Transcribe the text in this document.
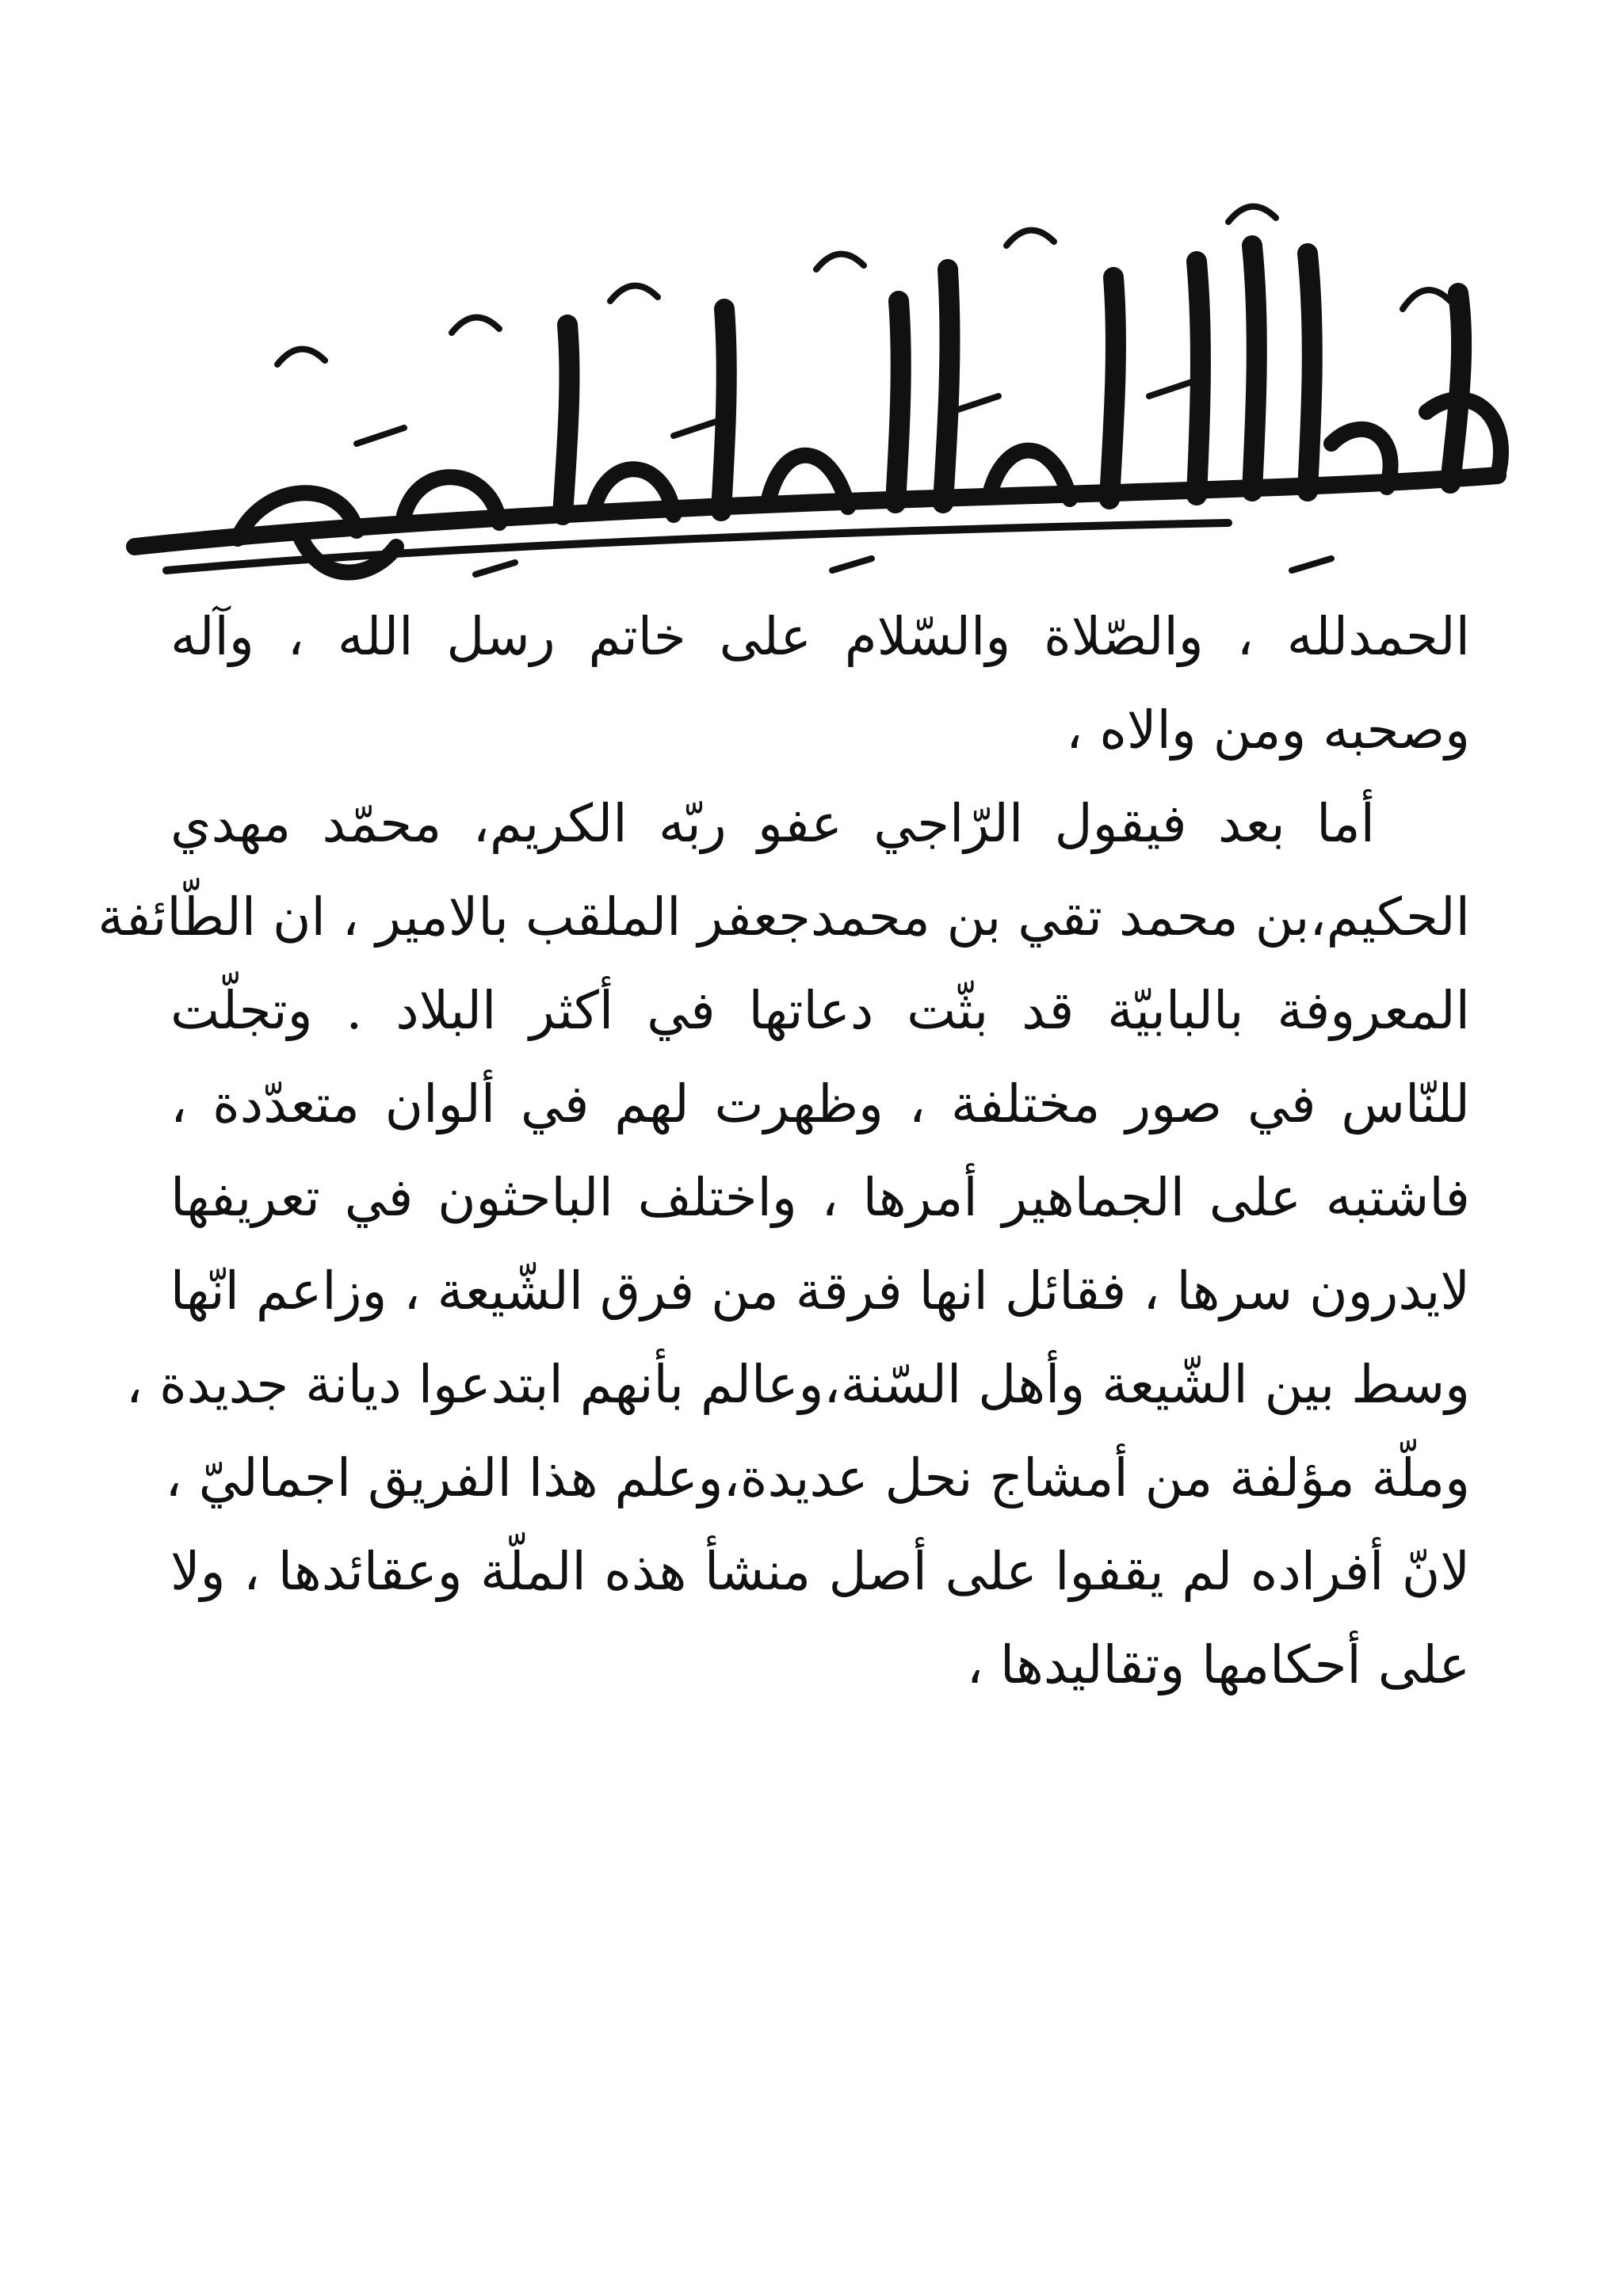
الحمدلله ، والصّلاة والسّلام على خاتم رسل الله ، وآله
وصحبه ومن والاه ،

أما بعد فيقول الرّاجي عفو ربّه الكريم، محمّد مهدي
الحكيم،بن محمد تقي بن محمدجعفر الملقب بالامير ، ان الطّائفة
المعروفة بالبابيّة قد بثّت دعاتها في أكثر البلاد . وتجلّت
للنّاس في صور مختلفة ، وظهرت لهم في ألوان متعدّدة ،
فاشتبه على الجماهير أمرها ، واختلف الباحثون في تعريفها
لايدرون سرها ، فقائل انها فرقة من فرق الشّيعة ، وزاعم انّها
وسط بين الشّيعة وأهل السّنة،وعالم بأنهم ابتدعوا ديانة جديدة ،
وملّة مؤلفة من أمشاج نحل عديدة،وعلم هذا الفريق اجماليّ ،
لانّ أفراده لم يقفوا على أصل منشأ هذه الملّة وعقائدها ، ولا
على أحكامها وتقاليدها ،
